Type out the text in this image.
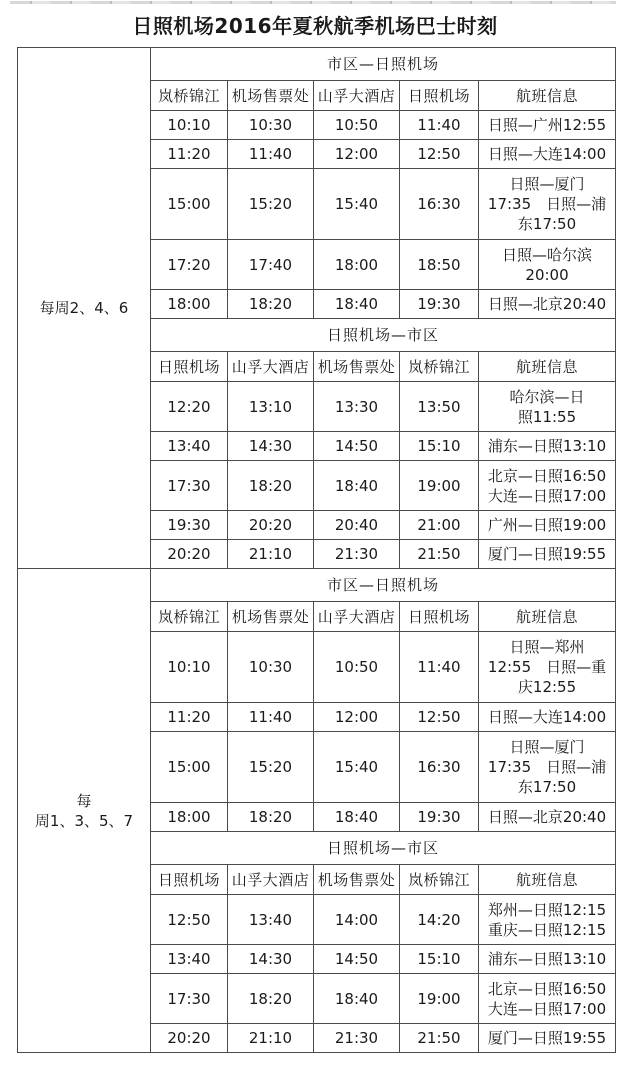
日照机场2016年夏秋航季机场巴士时刻
每周2、4、6	市区—日照机场				
	岚桥锦江	机场售票处	山孚大酒店	日照机场	航班信息
	10:10	10:30	10:50	11:40	日照—广州12:55

	11:20	11:40	12:00	12:50	日照—大连14:00

	15:00	15:20	15:40	16:30	日照—厦门
17:35　日照—浦
东17:50

	17:20	17:40	18:00	18:50	日照—哈尔滨
20:00

	18:00	18:20	18:40	19:30	日照—北京20:40

	日照机场—市区				
	日照机场	山孚大酒店	机场售票处	岚桥锦江	航班信息
	12:20	13:10	13:30	13:50	哈尔滨—日
照11:55

	13:40	14:30	14:50	15:10	浦东—日照13:10

	17:30	18:20	18:40	19:00	北京—日照16:50
大连—日照17:00

	19:30	20:20	20:40	21:00	广州—日照19:00

	20:20	21:10	21:30	21:50	厦门—日照19:55

每
周1、3、5、7	市区—日照机场				
	岚桥锦江	机场售票处	山孚大酒店	日照机场	航班信息
	10:10	10:30	10:50	11:40	日照—郑州
12:55　日照—重
庆12:55

	11:20	11:40	12:00	12:50	日照—大连14:00

	15:00	15:20	15:40	16:30	日照—厦门
17:35　日照—浦
东17:50

	18:00	18:20	18:40	19:30	日照—北京20:40

	日照机场—市区				
	日照机场	山孚大酒店	机场售票处	岚桥锦江	航班信息
	12:50	13:40	14:00	14:20	郑州—日照12:15
重庆—日照12:15

	13:40	14:30	14:50	15:10	浦东—日照13:10

	17:30	18:20	18:40	19:00	北京—日照16:50
大连—日照17:00

	20:20	21:10	21:30	21:50	厦门—日照19:55
